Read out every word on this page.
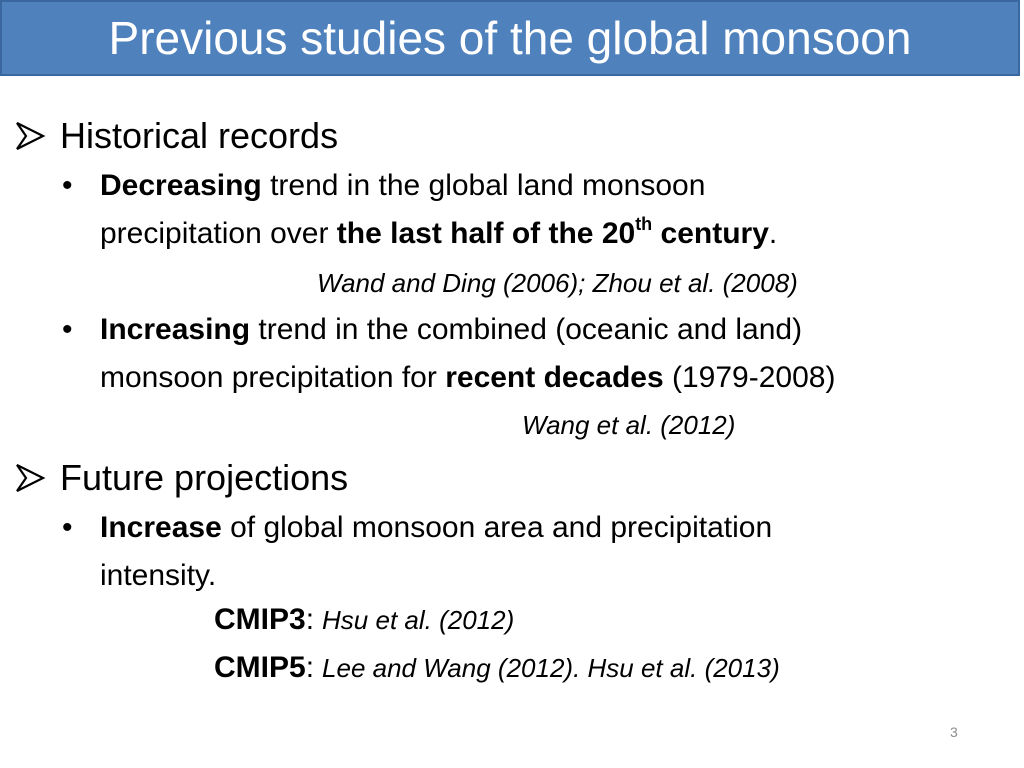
Previous studies of the global monsoon
Historical records
• Decreasing trend in the global land monsoon
precipitation over the last half of the 20th century.
Wand and Ding (2006); Zhou et al. (2008)
• Increasing trend in the combined (oceanic and land)
monsoon precipitation for recent decades (1979-2008)
Wang et al. (2012)
Future projections
• Increase of global monsoon area and precipitation
intensity.
CMIP3: Hsu et al. (2012)
CMIP5: Lee and Wang (2012). Hsu et al. (2013)
3
